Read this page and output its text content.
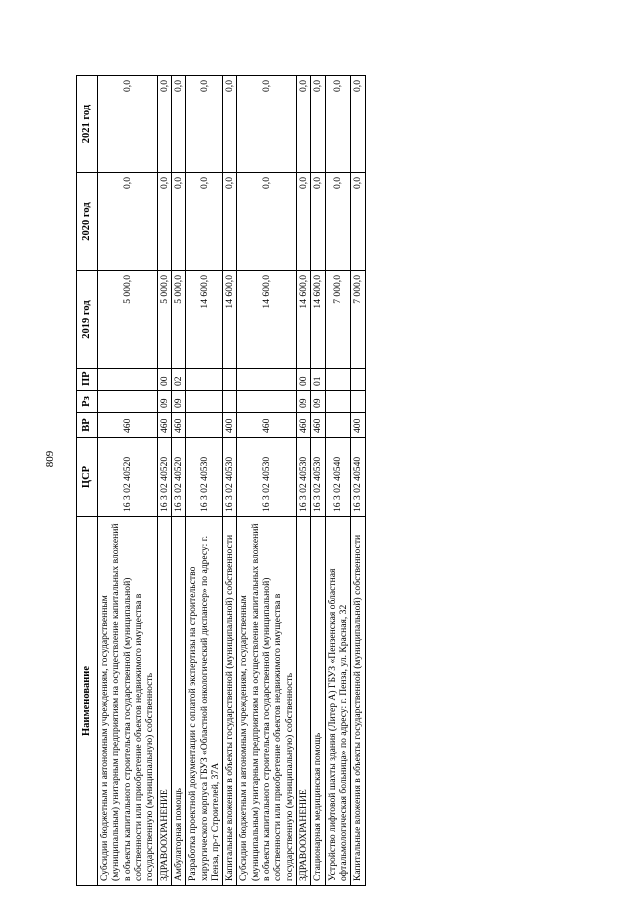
809
Наименование	ЦСР	ВР	Рз	ПР	2019 год	2020 год	2021 год
Субсидии бюджетным и автономным учреждениям, государственным (муниципальным) унитарным предприятиям на осуществление капитальных вложений в объекты капитального строительства государственной (муниципальной) собственности или приобретение объектов недвижимого имущества в государственную (муниципальную) собственность	16 3 02 40520	460			5 000,0	0,0	0,0
ЗДРАВООХРАНЕНИЕ	16 3 02 40520	460	09	00	5 000,0	0,0	0,0
Амбулаторная помощь	16 3 02 40520	460	09	02	5 000,0	0,0	0,0
Разработка проектной документации с оплатой экспертизы на строительство хирургического корпуса ГБУЗ «Областной онкологический диспансер» по адресу: г. Пенза, пр-т Строителей, 37А	16 3 02 40530				14 600,0	0,0	0,0
Капитальные вложения в объекты государственной (муниципальной) собственности	16 3 02 40530	400			14 600,0	0,0	0,0
Субсидии бюджетным и автономным учреждениям, государственным (муниципальным) унитарным предприятиям на осуществление капитальных вложений в объекты капитального строительства государственной (муниципальной) собственности или приобретение объектов недвижимого имущества в государственную (муниципальную) собственность	16 3 02 40530	460			14 600,0	0,0	0,0
ЗДРАВООХРАНЕНИЕ	16 3 02 40530	460	09	00	14 600,0	0,0	0,0
Стационарная медицинская помощь	16 3 02 40530	460	09	01	14 600,0	0,0	0,0
Устройство лифтовой шахты здания (Литер А) ГБУЗ «Пензенская областная офтальмологическая больница» по адресу: г. Пенза, ул. Красная, 32	16 3 02 40540				7 000,0	0,0	0,0
Капитальные вложения в объекты государственной (муниципальной) собственности	16 3 02 40540	400			7 000,0	0,0	0,0
